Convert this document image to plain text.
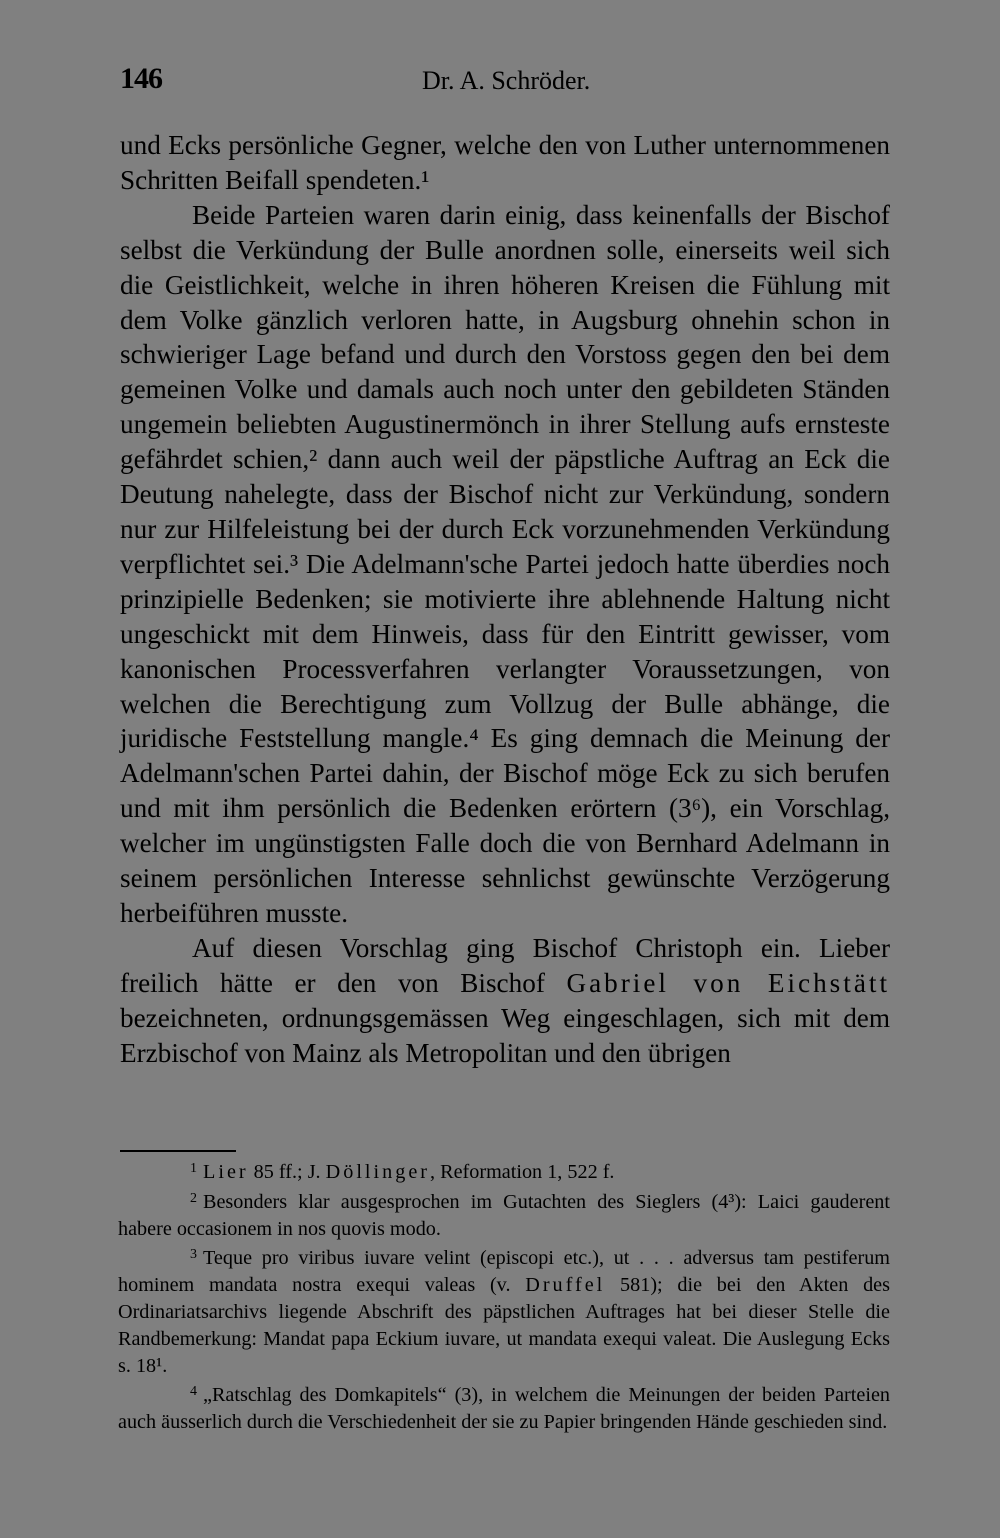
146	Dr. A. Schröder.

und Ecks persönliche Gegner, welche den von Luther unternommenen Schritten Beifall spendeten.¹

Beide Parteien waren darin einig, dass keinenfalls der Bischof selbst die Verkündung der Bulle anordnen solle, einerseits weil sich die Geistlichkeit, welche in ihren höheren Kreisen die Fühlung mit dem Volke gänzlich verloren hatte, in Augsburg ohnehin schon in schwieriger Lage befand und durch den Vorstoss gegen den bei dem gemeinen Volke und damals auch noch unter den gebildeten Ständen ungemein beliebten Augustinermönch in ihrer Stellung aufs ernsteste gefährdet schien,² dann auch weil der päpstliche Auftrag an Eck die Deutung nahelegte, dass der Bischof nicht zur Verkündung, sondern nur zur Hilfeleistung bei der durch Eck vorzunehmenden Verkündung verpflichtet sei.³ Die Adelmann'sche Partei jedoch hatte überdies noch prinzipielle Bedenken; sie motivierte ihre ablehnende Haltung nicht ungeschickt mit dem Hinweis, dass für den Eintritt gewisser, vom kanonischen Processverfahren verlangter Voraussetzungen, von welchen die Berechtigung zum Vollzug der Bulle abhänge, die juridische Feststellung mangle.⁴ Es ging demnach die Meinung der Adelmann'schen Partei dahin, der Bischof möge Eck zu sich berufen und mit ihm persönlich die Bedenken erörtern (3⁶), ein Vorschlag, welcher im ungünstigsten Falle doch die von Bernhard Adelmann in seinem persönlichen Interesse sehnlichst gewünschte Verzögerung herbeiführen musste.

Auf diesen Vorschlag ging Bischof Christoph ein. Lieber freilich hätte er den von Bischof Gabriel von Eichstätt bezeichneten, ordnungsgemässen Weg eingeschlagen, sich mit dem Erzbischof von Mainz als Metropolitan und den übrigen

$^1$ Lier 85 ff.; J. Döllinger, Reformation 1, 522 f.

$^2$ Besonders klar ausgesprochen im Gutachten des Sieglers (4³): Laici gauderent habere occasionem in nos quovis modo.

$^3$ Teque pro viribus iuvare velint (episcopi etc.), ut . . . adversus tam pestiferum hominem mandata nostra exequi valeas (v. Druffel 581); die bei den Akten des Ordinariatsarchivs liegende Abschrift des päpstlichen Auftrages hat bei dieser Stelle die Randbemerkung: Mandat papa Eckium iuvare, ut mandata exequi valeat. Die Auslegung Ecks s. 18¹.

$^4$ „Ratschlag des Domkapitels“ (3), in welchem die Meinungen der beiden Parteien auch äusserlich durch die Verschiedenheit der sie zu Papier bringenden Hände geschieden sind.
